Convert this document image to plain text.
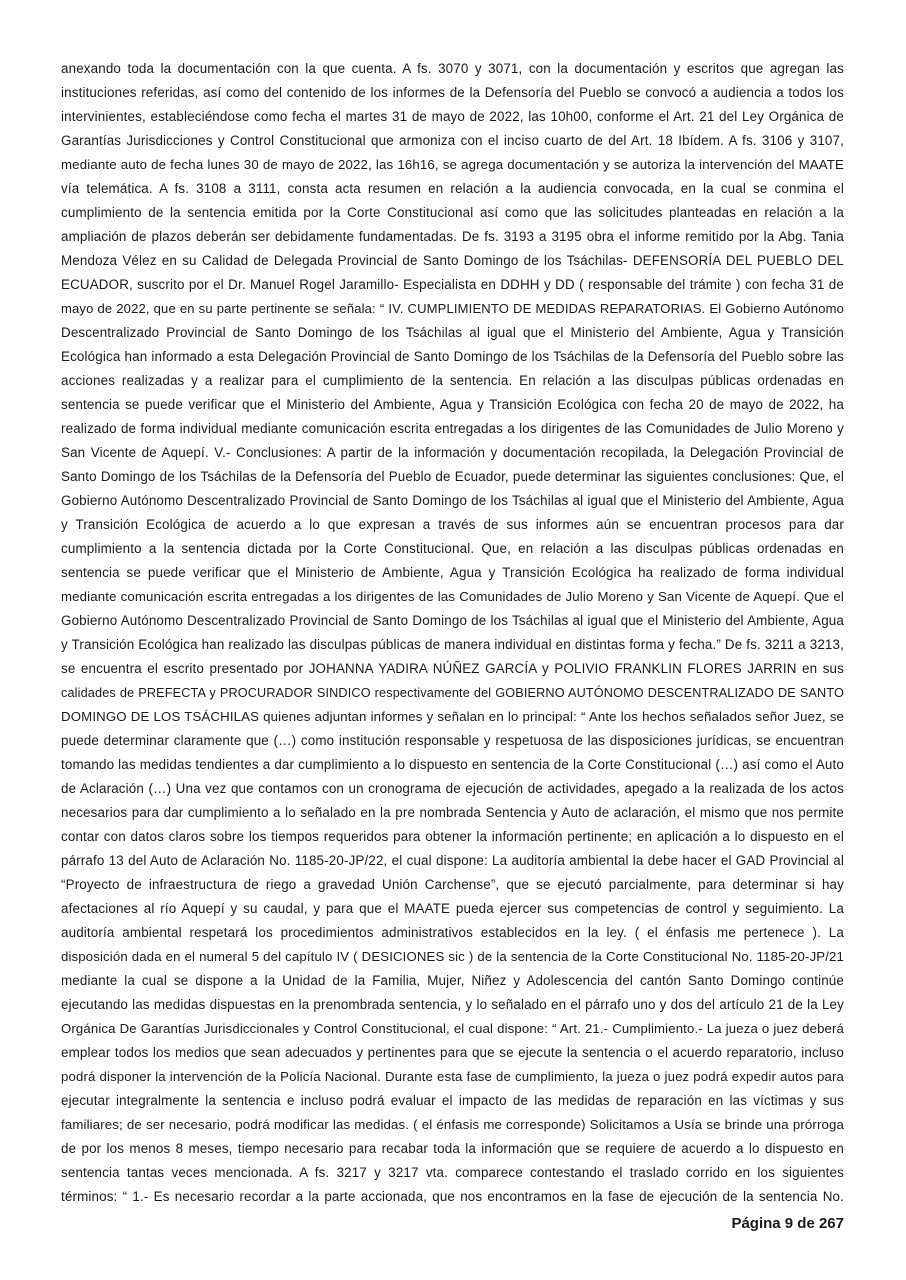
anexando toda la documentación con la que cuenta. A fs. 3070 y 3071, con la documentación y escritos que agregan las
instituciones referidas, así como del contenido de los informes de la Defensoría del Pueblo se convocó a audiencia a todos los
intervinientes, estableciéndose como fecha el martes 31 de mayo de 2022, las 10h00, conforme el Art. 21 del Ley Orgánica de
Garantías Jurisdicciones y Control Constitucional que armoniza con el inciso cuarto de del Art. 18 Ibídem. A fs. 3106 y 3107,
mediante auto de fecha lunes 30 de mayo de 2022, las 16h16, se agrega documentación y se autoriza la intervención del MAATE
vía telemática. A fs. 3108 a 3111, consta acta resumen en relación a la audiencia convocada, en la cual se conmina el
cumplimiento de la sentencia emitida por la Corte Constitucional así como que las solicitudes planteadas en relación a la
ampliación de plazos deberán ser debidamente fundamentadas. De fs. 3193 a 3195 obra el informe remitido por la Abg. Tania
Mendoza Vélez en su Calidad de Delegada Provincial de Santo Domingo de los Tsáchilas- DEFENSORÍA DEL PUEBLO DEL
ECUADOR, suscrito por el Dr. Manuel Rogel Jaramillo- Especialista en DDHH y DD ( responsable del trámite ) con fecha 31 de
mayo de 2022, que en su parte pertinente se señala: “ IV. CUMPLIMIENTO DE MEDIDAS REPARATORIAS. El Gobierno Autónomo
Descentralizado Provincial de Santo Domingo de los Tsáchilas al igual que el Ministerio del Ambiente, Agua y Transición
Ecológica han informado a esta Delegación Provincial de Santo Domingo de los Tsáchilas de la Defensoría del Pueblo sobre las
acciones realizadas y a realizar para el cumplimiento de la sentencia. En relación a las disculpas públicas ordenadas en
sentencia se puede verificar que el Ministerio del Ambiente, Agua y Transición Ecológica con fecha 20 de mayo de 2022, ha
realizado de forma individual mediante comunicación escrita entregadas a los dirigentes de las Comunidades de Julio Moreno y
San Vicente de Aquepí. V.- Conclusiones: A partir de la información y documentación recopilada, la Delegación Provincial de
Santo Domingo de los Tsáchilas de la Defensoría del Pueblo de Ecuador, puede determinar las siguientes conclusiones: Que, el
Gobierno Autónomo Descentralizado Provincial de Santo Domingo de los Tsáchilas al igual que el Ministerio del Ambiente, Agua
y Transición Ecológica de acuerdo a lo que expresan a través de sus informes aún se encuentran procesos para dar
cumplimiento a la sentencia dictada por la Corte Constitucional. Que, en relación a las disculpas públicas ordenadas en
sentencia se puede verificar que el Ministerio de Ambiente, Agua y Transición Ecológica ha realizado de forma individual
mediante comunicación escrita entregadas a los dirigentes de las Comunidades de Julio Moreno y San Vicente de Aquepí. Que el
Gobierno Autónomo Descentralizado Provincial de Santo Domingo de los Tsáchilas al igual que el Ministerio del Ambiente, Agua
y Transición Ecológica han realizado las disculpas públicas de manera individual en distintas forma y fecha.” De fs. 3211 a 3213,
se encuentra el escrito presentado por JOHANNA YADIRA NÚÑEZ GARCÍA y POLIVIO FRANKLIN FLORES JARRIN en sus
calidades de PREFECTA y PROCURADOR SINDICO respectivamente del GOBIERNO AUTÓNOMO DESCENTRALIZADO DE SANTO
DOMINGO DE LOS TSÁCHILAS quienes adjuntan informes y señalan en lo principal: “ Ante los hechos señalados señor Juez, se
puede determinar claramente que (…) como institución responsable y respetuosa de las disposiciones jurídicas, se encuentran
tomando las medidas tendientes a dar cumplimiento a lo dispuesto en sentencia de la Corte Constitucional (…) así como el Auto
de Aclaración (…) Una vez que contamos con un cronograma de ejecución de actividades, apegado a la realizada de los actos
necesarios para dar cumplimiento a lo señalado en la pre nombrada Sentencia y Auto de aclaración, el mismo que nos permite
contar con datos claros sobre los tiempos requeridos para obtener la información pertinente; en aplicación a lo dispuesto en el
párrafo 13 del Auto de Aclaración No. 1185-20-JP/22, el cual dispone: La auditoría ambiental la debe hacer el GAD Provincial al
“Proyecto de infraestructura de riego a gravedad Unión Carchense”, que se ejecutó parcialmente, para determinar si hay
afectaciones al río Aquepí y su caudal, y para que el MAATE pueda ejercer sus competencias de control y seguimiento. La
auditoría ambiental respetará los procedimientos administrativos establecidos en la ley. ( el énfasis me pertenece ). La
disposición dada en el numeral 5 del capítulo IV ( DESICIONES sic ) de la sentencia de la Corte Constitucional No. 1185-20-JP/21
mediante la cual se dispone a la Unidad de la Familia, Mujer, Niñez y Adolescencia del cantón Santo Domingo continúe
ejecutando las medidas dispuestas en la prenombrada sentencia, y lo señalado en el párrafo uno y dos del artículo 21 de la Ley
Orgánica De Garantías Jurisdiccionales y Control Constitucional, el cual dispone: “ Art. 21.- Cumplimiento.- La jueza o juez deberá
emplear todos los medios que sean adecuados y pertinentes para que se ejecute la sentencia o el acuerdo reparatorio, incluso
podrá disponer la intervención de la Policía Nacional. Durante esta fase de cumplimiento, la jueza o juez podrá expedir autos para
ejecutar integralmente la sentencia e incluso podrá evaluar el impacto de las medidas de reparación en las víctimas y sus
familiares; de ser necesario, podrá modificar las medidas. ( el énfasis me corresponde) Solicitamos a Usía se brinde una prórroga
de por los menos 8 meses, tiempo necesario para recabar toda la información que se requiere de acuerdo a lo dispuesto en
sentencia tantas veces mencionada. A fs. 3217 y 3217 vta. comparece contestando el traslado corrido en los siguientes
términos: “ 1.- Es necesario recordar a la parte accionada, que nos encontramos en la fase de ejecución de la sentencia No.
Página 9 de 267
